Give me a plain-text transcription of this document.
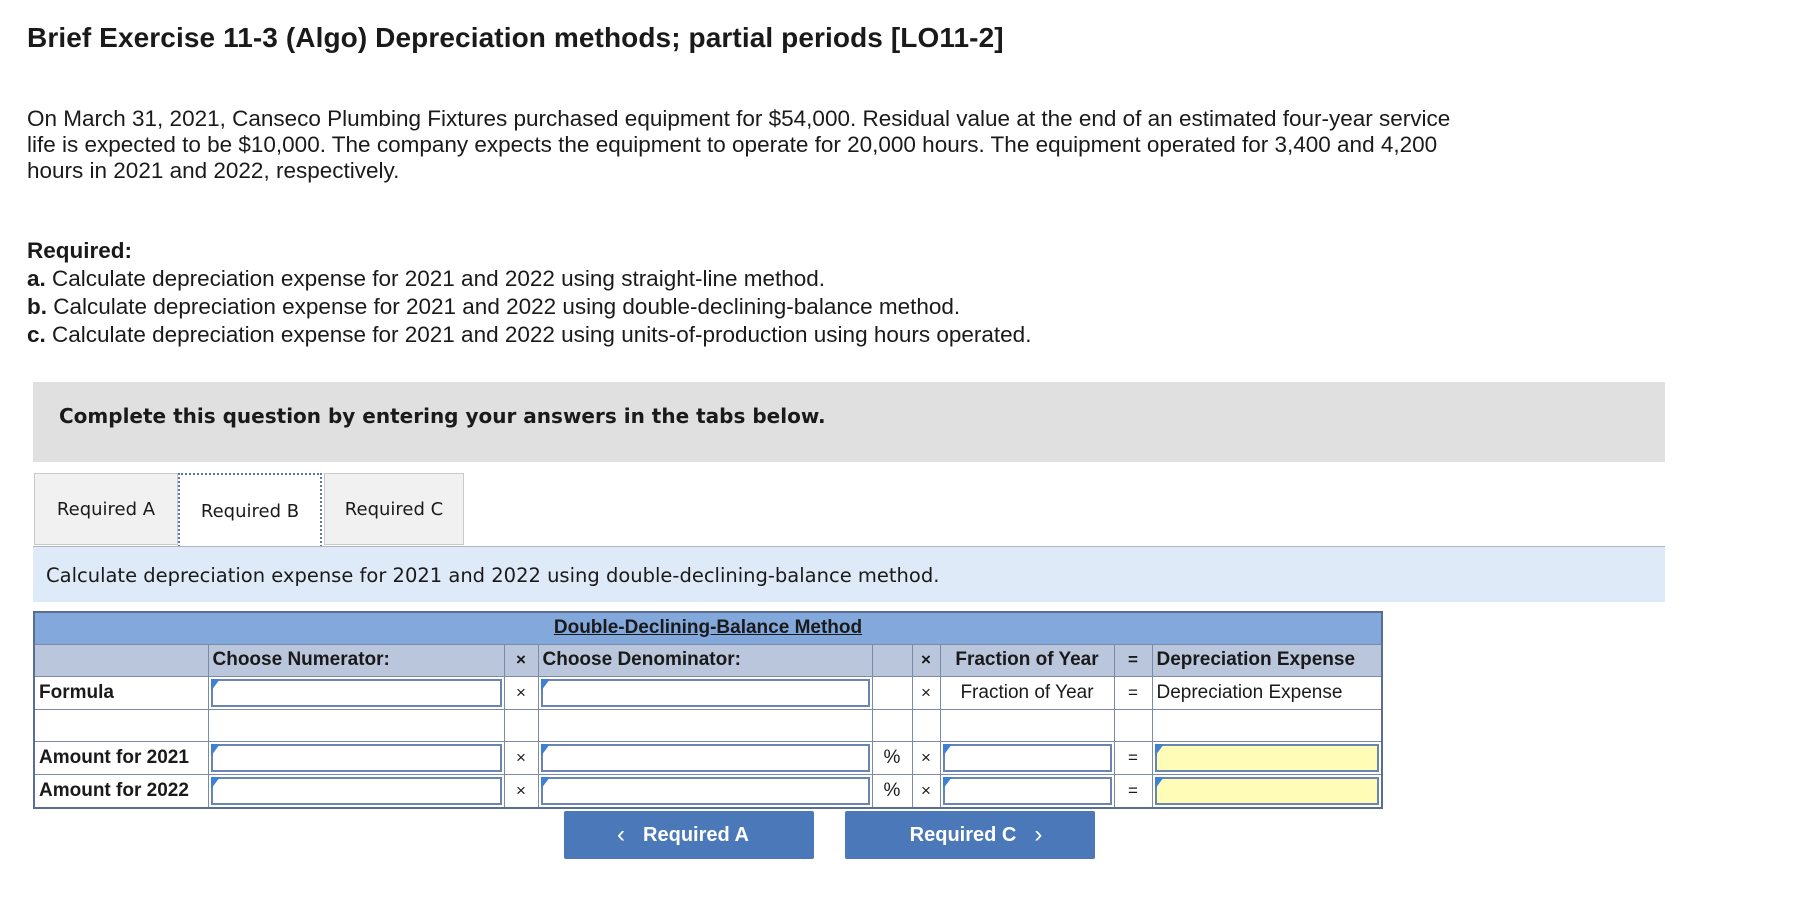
Brief Exercise 11-3 (Algo) Depreciation methods; partial periods [LO11-2]

On March 31, 2021, Canseco Plumbing Fixtures purchased equipment for $54,000. Residual value at the end of an estimated four-year service life is expected to be $10,000. The company expects the equipment to operate for 20,000 hours. The equipment operated for 3,400 and 4,200 hours in 2021 and 2022, respectively.

Required:
a. Calculate depreciation expense for 2021 and 2022 using straight-line method.
b. Calculate depreciation expense for 2021 and 2022 using double-declining-balance method.
c. Calculate depreciation expense for 2021 and 2022 using units-of-production using hours operated.
Complete this question by entering your answers in the tabs below.
Required A	Required B	Required C
Calculate depreciation expense for 2021 and 2022 using double-declining-balance method.
Double-Declining-Balance Method								
	Choose Numerator:	×	Choose Denominator:		×	Fraction of Year	=	Depreciation Expense
Formula		×			×	Fraction of Year	=	Depreciation Expense

Amount for 2021		×		%	×		=	

Amount for 2022		×		%	×		=	
‹ Required A	Required C ›
